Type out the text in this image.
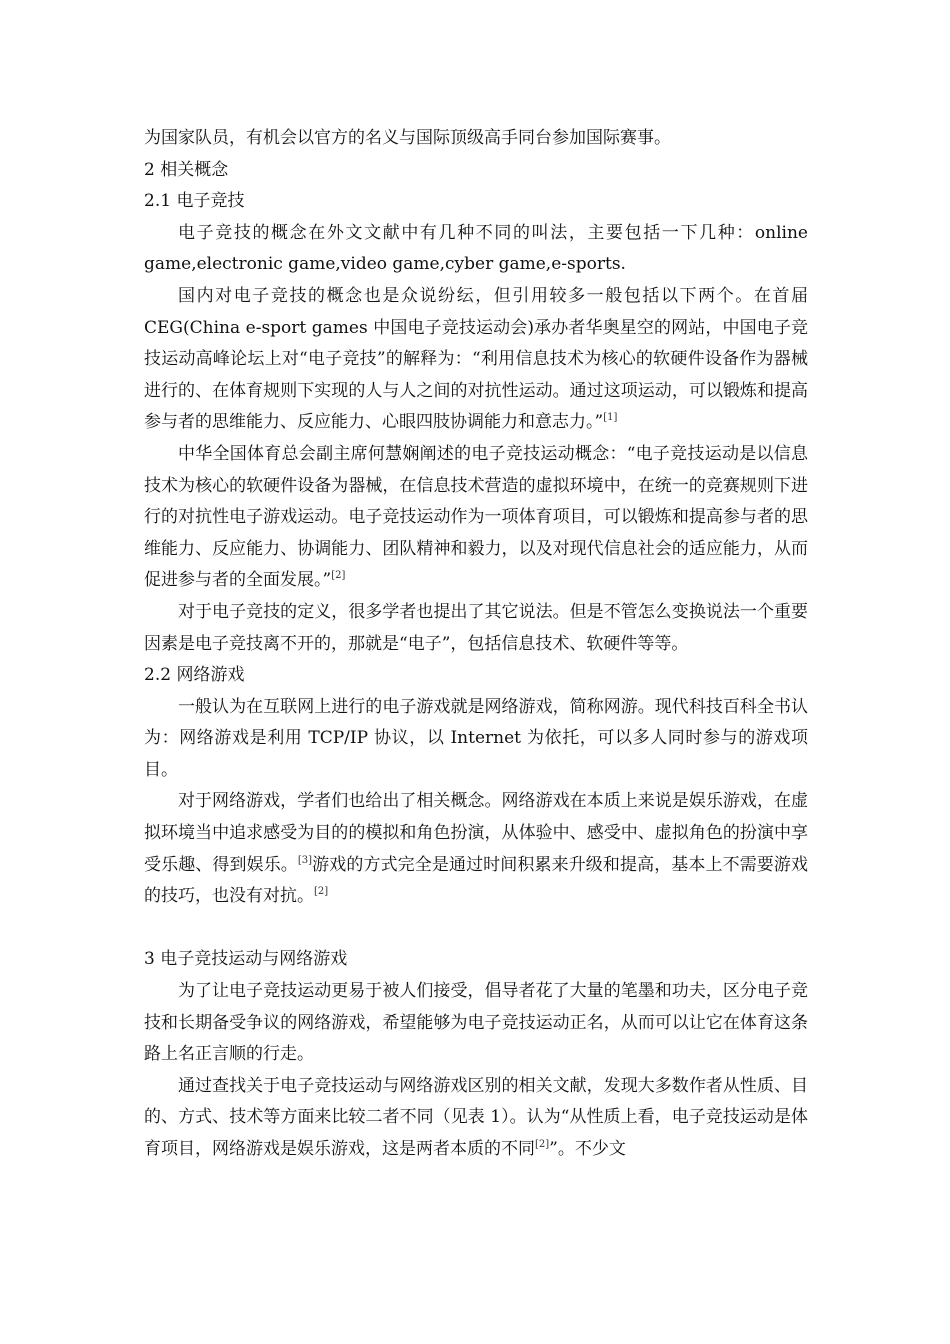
为国家队员，有机会以官方的名义与国际顶级高手同台参加国际赛事。

2 相关概念

2.1 电子竞技

电子竞技的概念在外文文献中有几种不同的叫法，主要包括一下几种：online game,electronic game,video game,cyber game,e-sports.

国内对电子竞技的概念也是众说纷纭，但引用较多一般包括以下两个。在首届 CEG(China e-sport games 中国电子竞技运动会)承办者华奥星空的网站，中国电子竞技运动高峰论坛上对“电子竞技”的解释为：“利用信息技术为核心的软硬件设备作为器械进行的、在体育规则下实现的人与人之间的对抗性运动。通过这项运动，可以锻炼和提高参与者的思维能力、反应能力、心眼四肢协调能力和意志力。”[1]

中华全国体育总会副主席何慧娴阐述的电子竞技运动概念：“电子竞技运动是以信息技术为核心的软硬件设备为器械，在信息技术营造的虚拟环境中，在统一的竞赛规则下进行的对抗性电子游戏运动。电子竞技运动作为一项体育项目，可以锻炼和提高参与者的思维能力、反应能力、协调能力、团队精神和毅力，以及对现代信息社会的适应能力，从而促进参与者的全面发展。”[2]

对于电子竞技的定义，很多学者也提出了其它说法。但是不管怎么变换说法一个重要因素是电子竞技离不开的，那就是“电子”，包括信息技术、软硬件等等。

2.2 网络游戏

一般认为在互联网上进行的电子游戏就是网络游戏，简称网游。现代科技百科全书认为：网络游戏是利用 TCP/IP 协议，以 Internet 为依托，可以多人同时参与的游戏项目。

对于网络游戏，学者们也给出了相关概念。网络游戏在本质上来说是娱乐游戏，在虚拟环境当中追求感受为目的的模拟和角色扮演，从体验中、感受中、虚拟角色的扮演中享受乐趣、得到娱乐。[3]游戏的方式完全是通过时间积累来升级和提高，基本上不需要游戏的技巧，也没有对抗。[2]

3 电子竞技运动与网络游戏

为了让电子竞技运动更易于被人们接受，倡导者花了大量的笔墨和功夫，区分电子竞技和长期备受争议的网络游戏，希望能够为电子竞技运动正名，从而可以让它在体育这条路上名正言顺的行走。

通过查找关于电子竞技运动与网络游戏区别的相关文献，发现大多数作者从性质、目的、方式、技术等方面来比较二者不同（见表 1）。认为“从性质上看，电子竞技运动是体育项目，网络游戏是娱乐游戏，这是两者本质的不同[2]”。不少文
